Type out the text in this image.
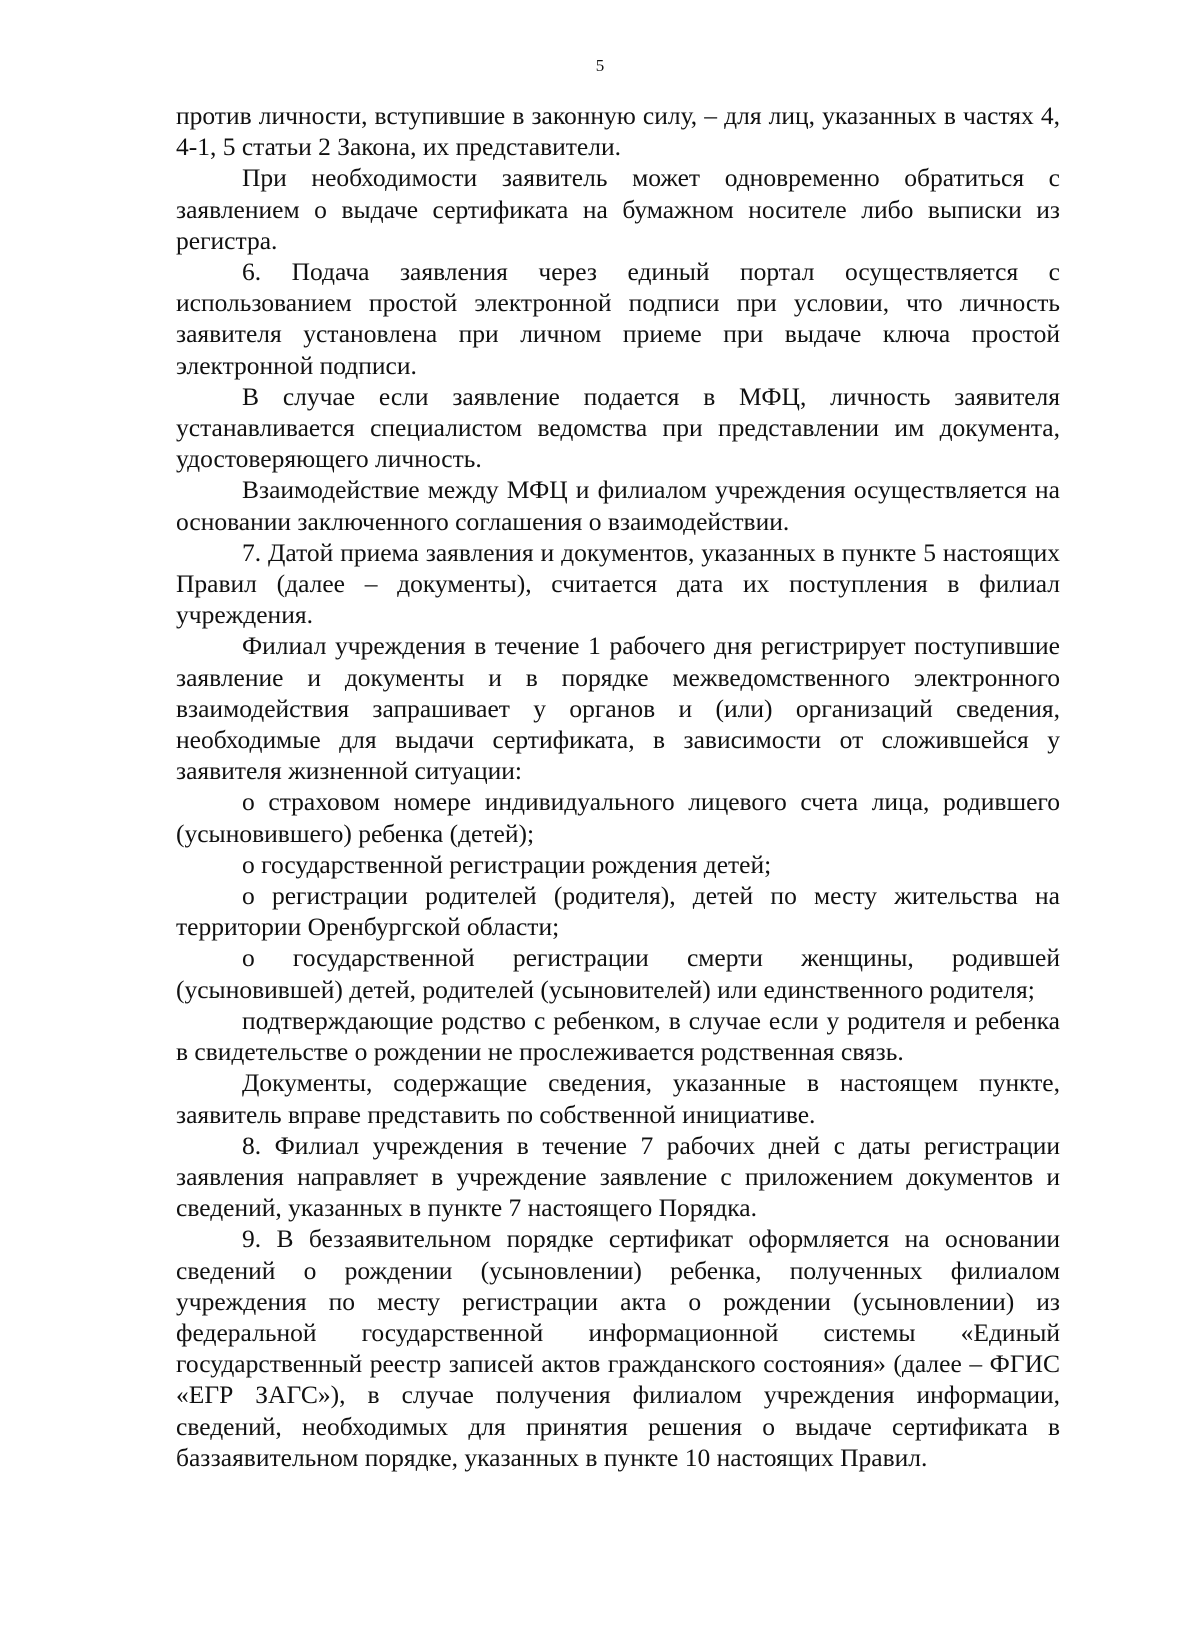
5

против личности, вступившие в законную силу, – для лиц, указанных в частях 4, 4-1, 5 статьи 2 Закона, их представители.

При необходимости заявитель может одновременно обратиться с заявлением о выдаче сертификата на бумажном носителе либо выписки из регистра.

6. Подача заявления через единый портал осуществляется с использованием простой электронной подписи при условии, что личность заявителя установлена при личном приеме при выдаче ключа простой электронной подписи.

В случае если заявление подается в МФЦ, личность заявителя устанавливается специалистом ведомства при представлении им документа, удостоверяющего личность.

Взаимодействие между МФЦ и филиалом учреждения осуществляется на основании заключенного соглашения о взаимодействии.

7. Датой приема заявления и документов, указанных в пункте 5 настоящих Правил (далее – документы), считается дата их поступления в филиал учреждения.

Филиал учреждения в течение 1 рабочего дня регистрирует поступившие заявление и документы и в порядке межведомственного электронного взаимодействия запрашивает у органов и (или) организаций сведения, необходимые для выдачи сертификата, в зависимости от сложившейся у заявителя жизненной ситуации:

о страховом номере индивидуального лицевого счета лица, родившего (усыновившего) ребенка (детей);

о государственной регистрации рождения детей;

о регистрации родителей (родителя), детей по месту жительства на территории Оренбургской области;

о государственной регистрации смерти женщины, родившей (усыновившей) детей, родителей (усыновителей) или единственного родителя;

подтверждающие родство с ребенком, в случае если у родителя и ребенка в свидетельстве о рождении не прослеживается родственная связь.

Документы, содержащие сведения, указанные в настоящем пункте, заявитель вправе представить по собственной инициативе.

8. Филиал учреждения в течение 7 рабочих дней с даты регистрации заявления направляет в учреждение заявление с приложением документов и сведений, указанных в пункте 7 настоящего Порядка.

9. В беззаявительном порядке сертификат оформляется на основании сведений о рождении (усыновлении) ребенка, полученных филиалом учреждения по месту регистрации акта о рождении (усыновлении) из федеральной государственной информационной системы «Единый государственный реестр записей актов гражданского состояния» (далее – ФГИС «ЕГР ЗАГС»), в случае получения филиалом учреждения информации, сведений, необходимых для принятия решения о выдаче сертификата в баззаявительном порядке, указанных в пункте 10 настоящих Правил.
